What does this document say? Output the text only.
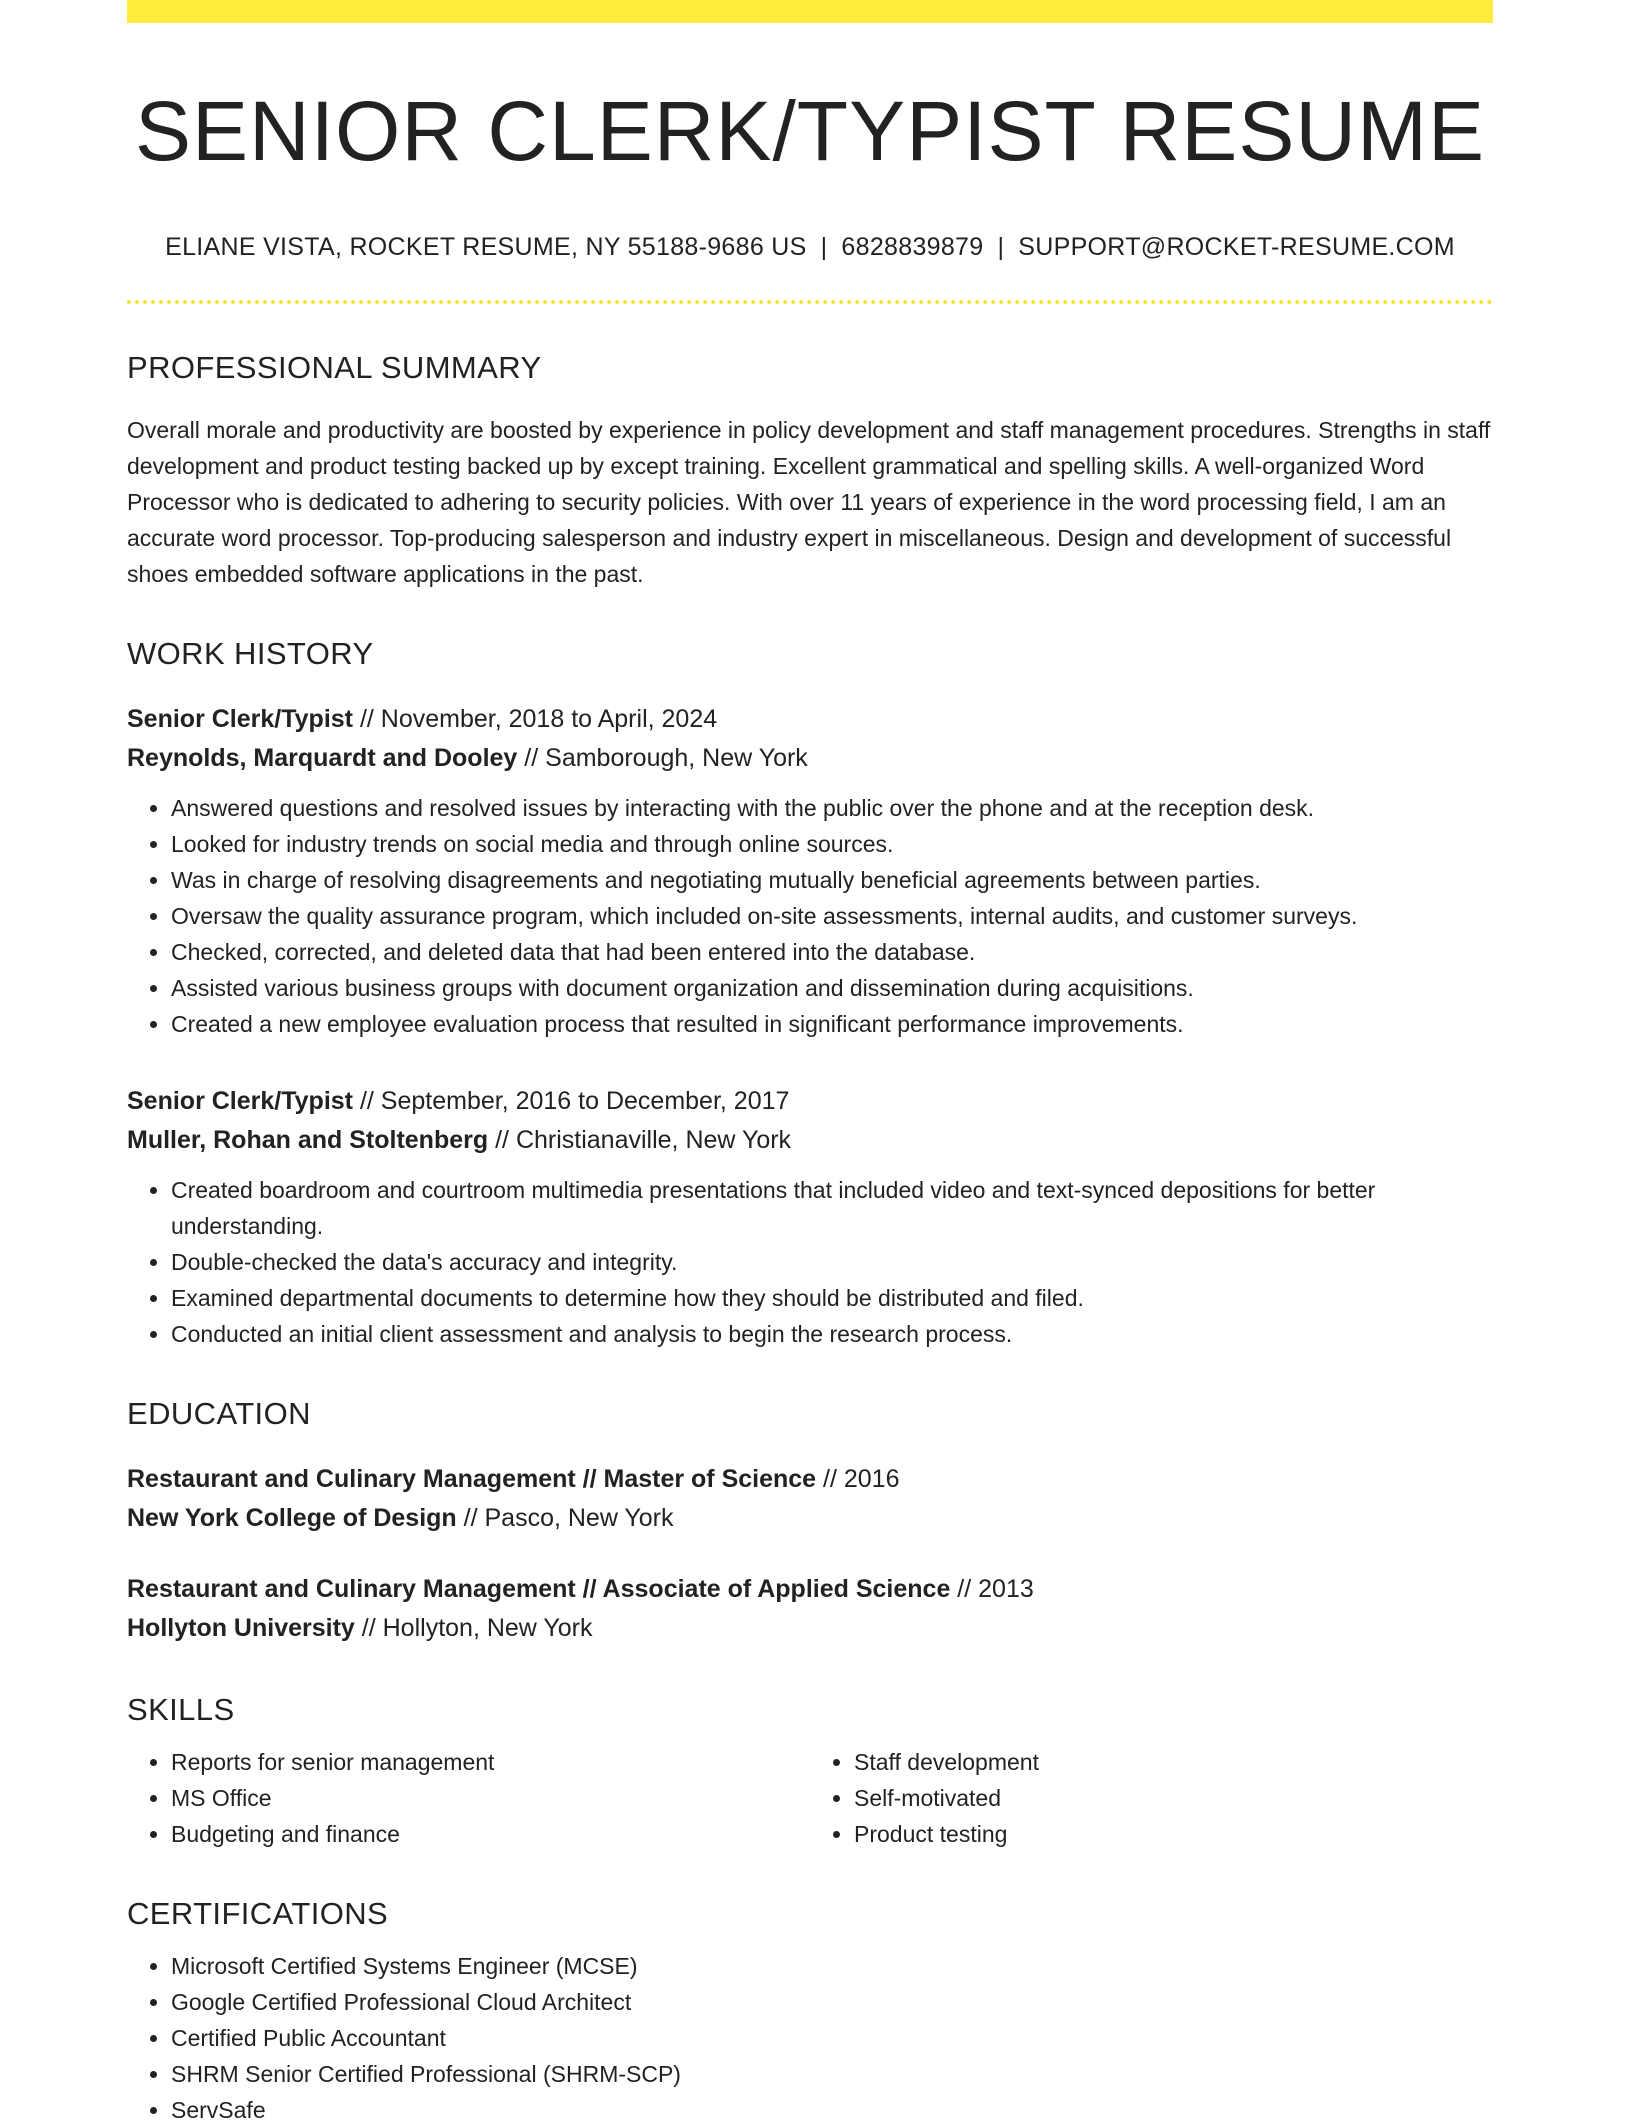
SENIOR CLERK/TYPIST RESUME
ELIANE VISTA, ROCKET RESUME, NY 55188-9686 US | 6828839879 | SUPPORT@ROCKET-RESUME.COM
PROFESSIONAL SUMMARY
Overall morale and productivity are boosted by experience in policy development and staff management procedures. Strengths in staff development and product testing backed up by except training. Excellent grammatical and spelling skills. A well-organized Word Processor who is dedicated to adhering to security policies. With over 11 years of experience in the word processing field, I am an accurate word processor. Top-producing salesperson and industry expert in miscellaneous. Design and development of successful shoes embedded software applications in the past.
WORK HISTORY
Senior Clerk/Typist // November, 2018 to April, 2024
Reynolds, Marquardt and Dooley // Samborough, New York
• Answered questions and resolved issues by interacting with the public over the phone and at the reception desk.
• Looked for industry trends on social media and through online sources.
• Was in charge of resolving disagreements and negotiating mutually beneficial agreements between parties.
• Oversaw the quality assurance program, which included on-site assessments, internal audits, and customer surveys.
• Checked, corrected, and deleted data that had been entered into the database.
• Assisted various business groups with document organization and dissemination during acquisitions.
• Created a new employee evaluation process that resulted in significant performance improvements.
Senior Clerk/Typist // September, 2016 to December, 2017
Muller, Rohan and Stoltenberg // Christianaville, New York
• Created boardroom and courtroom multimedia presentations that included video and text-synced depositions for better understanding.
• Double-checked the data's accuracy and integrity.
• Examined departmental documents to determine how they should be distributed and filed.
• Conducted an initial client assessment and analysis to begin the research process.
EDUCATION
Restaurant and Culinary Management // Master of Science // 2016
New York College of Design // Pasco, New York
Restaurant and Culinary Management // Associate of Applied Science // 2013
Hollyton University // Hollyton, New York
SKILLS
• Reports for senior management
• MS Office
• Budgeting and finance
• Staff development
• Self-motivated
• Product testing
CERTIFICATIONS
• Microsoft Certified Systems Engineer (MCSE)
• Google Certified Professional Cloud Architect
• Certified Public Accountant
• SHRM Senior Certified Professional (SHRM-SCP)
• ServSafe
